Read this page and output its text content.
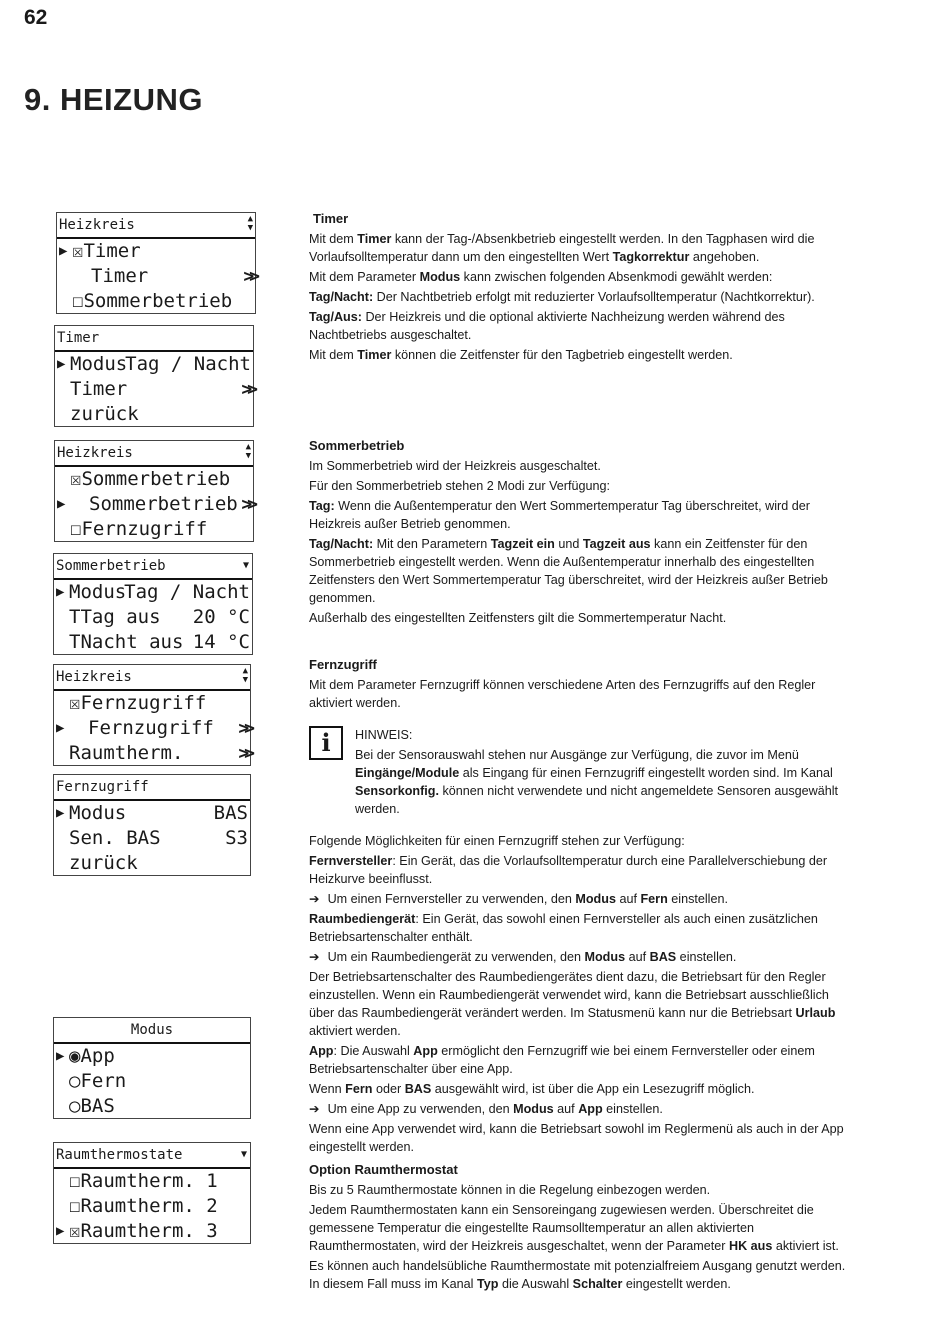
62
9. HEIZUNG
Heizkreis	▲
▼
▶ ☒Timer
Timer	>>
☐Sommerbetrieb
Timer
▶ Modus
Tag / Nacht
Timer	>>
zurück
Heizkreis	▲
▼
☒Sommerbetrieb
▶ Sommerbetrieb >>
☐Fernzugriff
Sommerbetrieb	▼
▶ Modus
Tag / Nacht
TTag aus 20 °C
TNacht aus 14 °C
Heizkreis	▲
▼
☒Fernzugriff
▶ Fernzugriff >>
Raumtherm.	>>
Fernzugriff
▶ Modus	BAS
Sen. BAS	S3
zurück
Modus
▶ ◉App
○Fern
○BAS
Raumthermostate	▼
☐Raumtherm. 1
☐Raumtherm. 2
▶ ☒Raumtherm. 3
Timer

Mit dem Timer kann der Tag-/Absenkbetrieb eingestellt werden. In den Tagphasen wird die Vorlaufsolltemperatur dann um den eingestellten Wert Tagkorrektur angehoben.

Mit dem Parameter Modus kann zwischen folgenden Absenkmodi gewählt werden:

Tag/Nacht: Der Nachtbetrieb erfolgt mit reduzierter Vorlaufsolltemperatur (Nachtkorrektur).

Tag/Aus: Der Heizkreis und die optional aktivierte Nachheizung werden während des Nachtbetriebs ausgeschaltet.

Mit dem Timer können die Zeitfenster für den Tagbetrieb eingestellt werden.

Sommerbetrieb

Im Sommerbetrieb wird der Heizkreis ausgeschaltet.

Für den Sommerbetrieb stehen 2 Modi zur Verfügung:

Tag: Wenn die Außentemperatur den Wert Sommertemperatur Tag überschreitet, wird der Heizkreis außer Betrieb genommen.

Tag/Nacht: Mit den Parametern Tagzeit ein und Tagzeit aus kann ein Zeitfenster für den Sommerbetrieb eingestellt werden. Wenn die Außentemperatur innerhalb des eingestellten Zeitfensters den Wert Sommertemperatur Tag überschreitet, wird der Heizkreis außer Betrieb genommen.

Außerhalb des eingestellten Zeitfensters gilt die Sommertemperatur Nacht.

Fernzugriff

Mit dem Parameter Fernzugriff können verschiedene Arten des Fernzugriffs auf den Regler aktiviert werden.

i	HINWEIS:

Bei der Sensorauswahl stehen nur Ausgänge zur Verfügung, die zuvor im Menü Eingänge/Module als Eingang für einen Fernzugriff eingestellt worden sind. Im Kanal Sensorkonfig. können nicht verwendete und nicht angemeldete Sensoren ausgewählt werden.

Folgende Möglichkeiten für einen Fernzugriff stehen zur Verfügung:

Fernversteller: Ein Gerät, das die Vorlaufsolltemperatur durch eine Parallelverschiebung der Heizkurve beeinflusst.

➔ Um einen Fernversteller zu verwenden, den Modus auf Fern einstellen.

Raumbediengerät: Ein Gerät, das sowohl einen Fernversteller als auch einen zusätzlichen Betriebsartenschalter enthält.

➔ Um ein Raumbediengerät zu verwenden, den Modus auf BAS einstellen.

Der Betriebsartenschalter des Raumbediengerätes dient dazu, die Betriebsart für den Regler einzustellen. Wenn ein Raumbediengerät verwendet wird, kann die Betriebsart ausschließlich über das Raumbediengerät verändert werden. Im Statusmenü kann nur die Betriebsart Urlaub aktiviert werden.

App: Die Auswahl App ermöglicht den Fernzugriff wie bei einem Fernversteller oder einem Betriebsartenschalter über eine App.

Wenn Fern oder BAS ausgewählt wird, ist über die App ein Lesezugriff möglich.

➔ Um eine App zu verwenden, den Modus auf App einstellen.

Wenn eine App verwendet wird, kann die Betriebsart sowohl im Reglermenü als auch in der App eingestellt werden.

Option Raumthermostat

Bis zu 5 Raumthermostate können in die Regelung einbezogen werden.

Jedem Raumthermostaten kann ein Sensoreingang zugewiesen werden. Überschreitet die gemessene Temperatur die eingestellte Raumsolltemperatur an allen aktivierten Raumthermostaten, wird der Heizkreis ausgeschaltet, wenn der Parameter HK aus aktiviert ist.

Es können auch handelsübliche Raumthermostate mit potenzialfreiem Ausgang genutzt werden. In diesem Fall muss im Kanal Typ die Auswahl Schalter eingestellt werden.
